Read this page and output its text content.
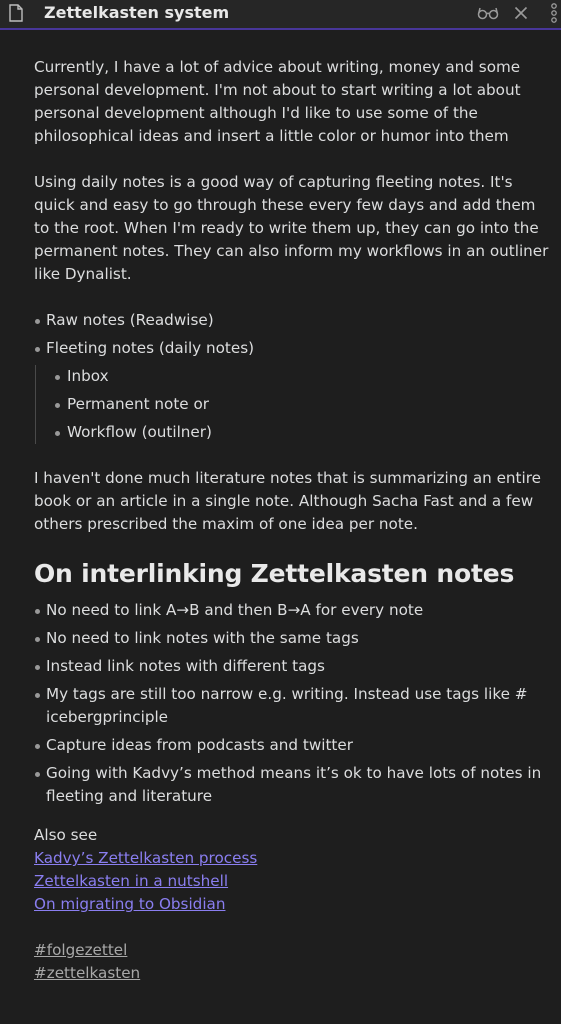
Zettelkasten system

Currently, I have a lot of advice about writing, money and some personal development. I'm not about to start writing a lot about personal development although I'd like to use some of the philosophical ideas and insert a little color or humor into them

Using daily notes is a good way of capturing fleeting notes. It's quick and easy to go through these every few days and add them to the root. When I'm ready to write them up, they can go into the permanent notes. They can also inform my workflows in an outliner like Dynalist.

Raw notes (Readwise)
Fleeting notes (daily notes)
Inbox
Permanent note or
Workflow (outilner)

I haven't done much literature notes that is summarizing an entire book or an article in a single note. Although Sacha Fast and a few others prescribed the maxim of one idea per note.

On interlinking Zettelkasten notes
No need to link A→B and then B→A for every note
No need to link notes with the same tags
Instead link notes with different tags
My tags are still too narrow e.g. writing. Instead use tags like # icebergprinciple
Capture ideas from podcasts and twitter
Going with Kadvy’s method means it’s ok to have lots of notes in fleeting and literature
Also see
Kadvy’s Zettelkasten process
Zettelkasten in a nutshell
On migrating to Obsidian
#folgezettel
#zettelkasten
